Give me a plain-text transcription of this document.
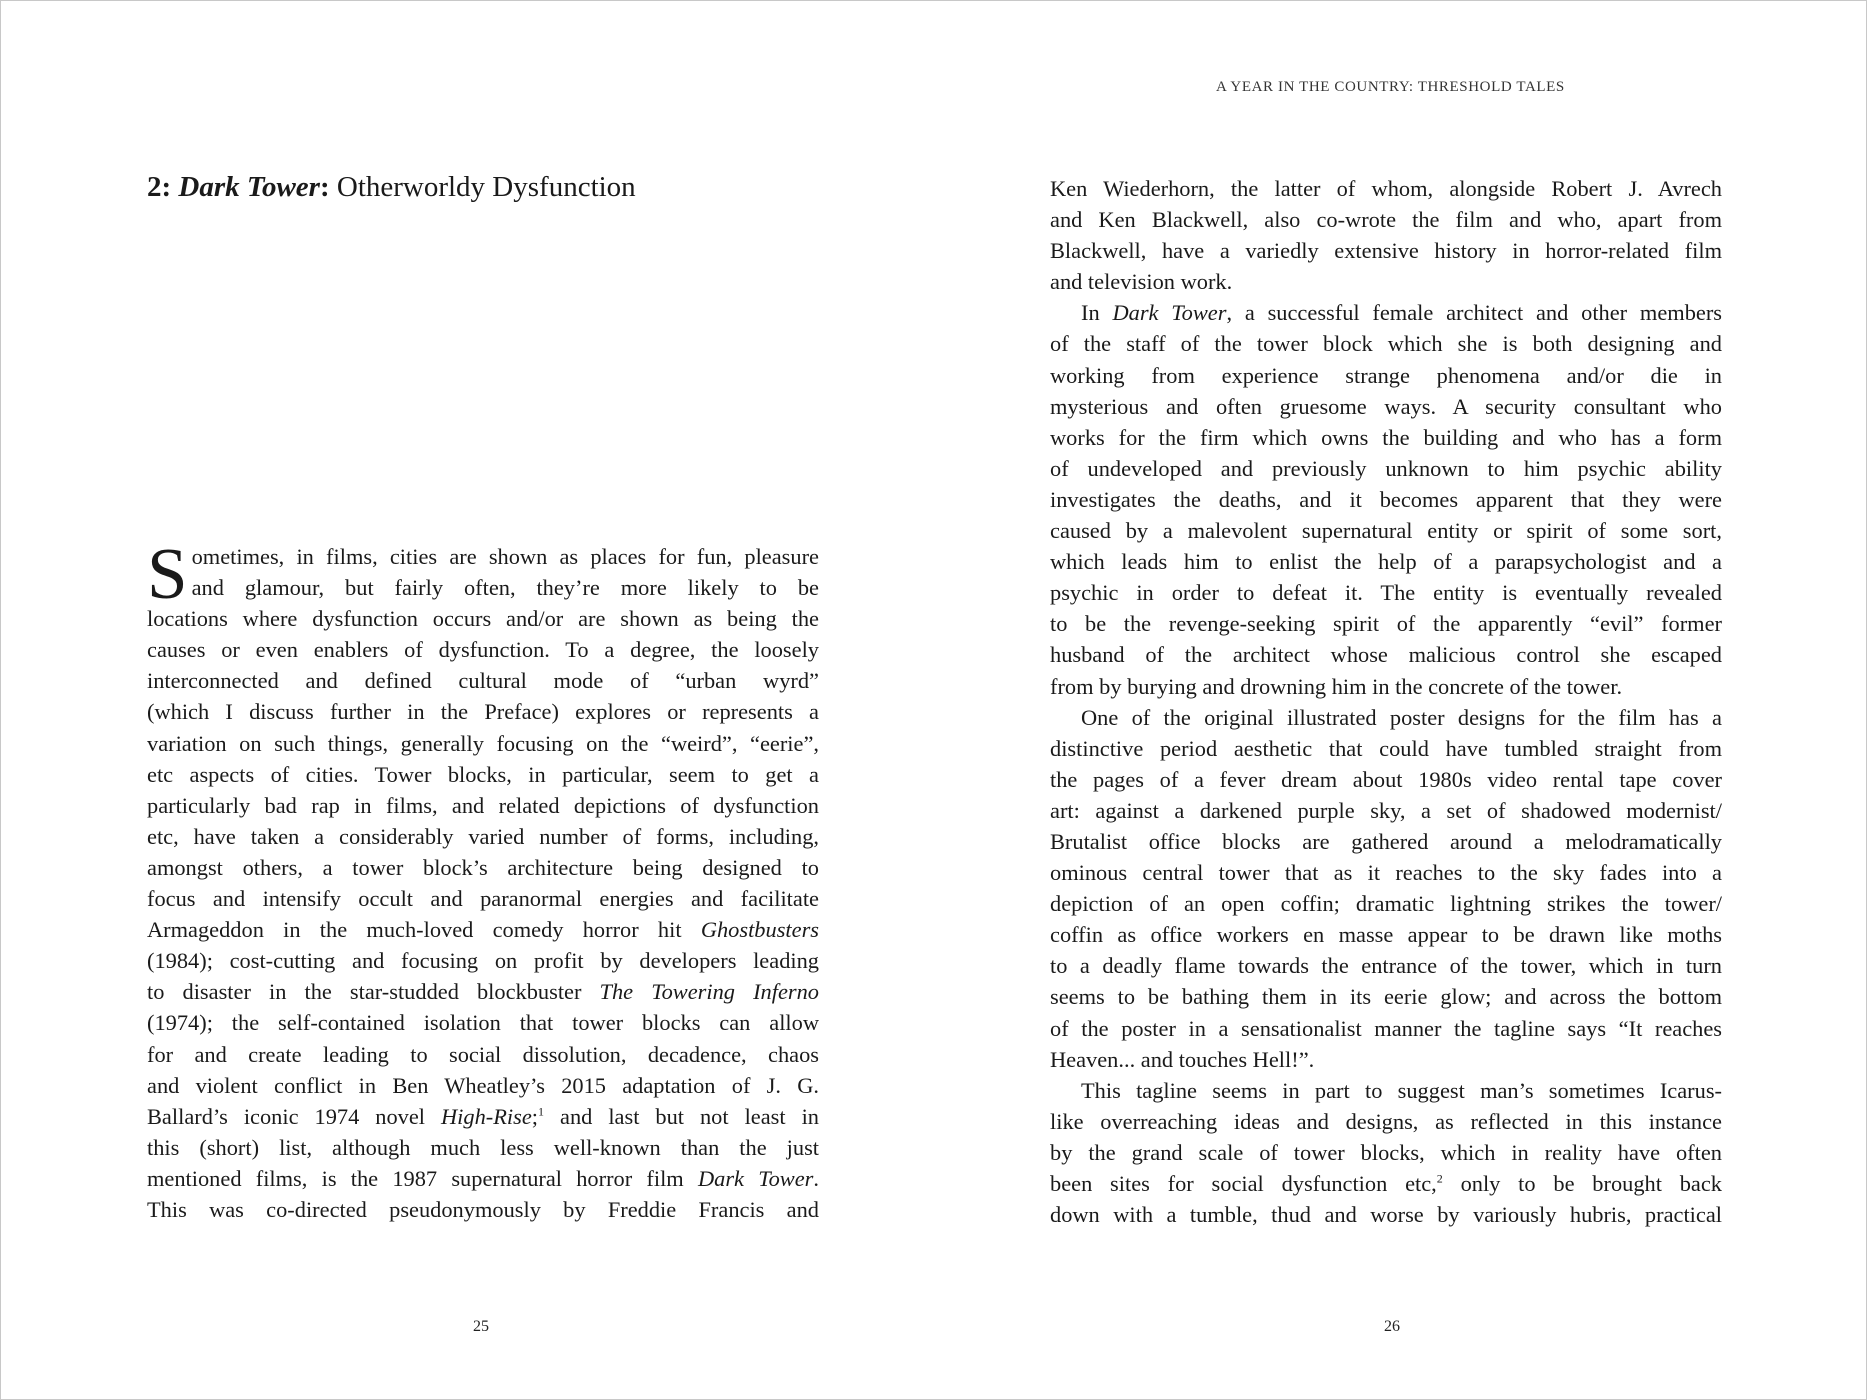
2: Dark Tower: Otherworldy Dysfunction
S ometimes, in films, cities are shown as places for fun, pleasure
and glamour, but fairly often, they’re more likely to be
locations where dysfunction occurs and/or are shown as being the
causes or even enablers of dysfunction. To a degree, the loosely
interconnected and defined cultural mode of “urban wyrd”
(which I discuss further in the Preface) explores or represents a
variation on such things, generally focusing on the “weird”, “eerie”,
etc aspects of cities. Tower blocks, in particular, seem to get a
particularly bad rap in films, and related depictions of dysfunction
etc, have taken a considerably varied number of forms, including,
amongst others, a tower block’s architecture being designed to
focus and intensify occult and paranormal energies and facilitate
Armageddon in the much-loved comedy horror hit Ghostbusters
(1984); cost-cutting and focusing on profit by developers leading
to disaster in the star-studded blockbuster The Towering Inferno
(1974); the self-contained isolation that tower blocks can allow
for and create leading to social dissolution, decadence, chaos
and violent conflict in Ben Wheatley’s 2015 adaptation of J. G.
Ballard’s iconic 1974 novel High-Rise;$^1$ and last but not least in
this (short) list, although much less well-known than the just
mentioned films, is the 1987 supernatural horror film Dark Tower.
This was co-directed pseudonymously by Freddie Francis and
25
A YEAR IN THE COUNTRY: THRESHOLD TALES
Ken Wiederhorn, the latter of whom, alongside Robert J. Avrech
and Ken Blackwell, also co-wrote the film and who, apart from
Blackwell, have a variedly extensive history in horror-related film
and television work.
In Dark Tower, a successful female architect and other members
of the staff of the tower block which she is both designing and
working from experience strange phenomena and/or die in
mysterious and often gruesome ways. A security consultant who
works for the firm which owns the building and who has a form
of undeveloped and previously unknown to him psychic ability
investigates the deaths, and it becomes apparent that they were
caused by a malevolent supernatural entity or spirit of some sort,
which leads him to enlist the help of a parapsychologist and a
psychic in order to defeat it. The entity is eventually revealed
to be the revenge-seeking spirit of the apparently “evil” former
husband of the architect whose malicious control she escaped
from by burying and drowning him in the concrete of the tower.
One of the original illustrated poster designs for the film has a
distinctive period aesthetic that could have tumbled straight from
the pages of a fever dream about 1980s video rental tape cover
art: against a darkened purple sky, a set of shadowed modernist/
Brutalist office blocks are gathered around a melodramatically
ominous central tower that as it reaches to the sky fades into a
depiction of an open coffin; dramatic lightning strikes the tower/
coffin as office workers en masse appear to be drawn like moths
to a deadly flame towards the entrance of the tower, which in turn
seems to be bathing them in its eerie glow; and across the bottom
of the poster in a sensationalist manner the tagline says “It reaches
Heaven... and touches Hell!”.
This tagline seems in part to suggest man’s sometimes Icarus-
like overreaching ideas and designs, as reflected in this instance
by the grand scale of tower blocks, which in reality have often
been sites for social dysfunction etc,$^2$ only to be brought back
down with a tumble, thud and worse by variously hubris, practical
26
